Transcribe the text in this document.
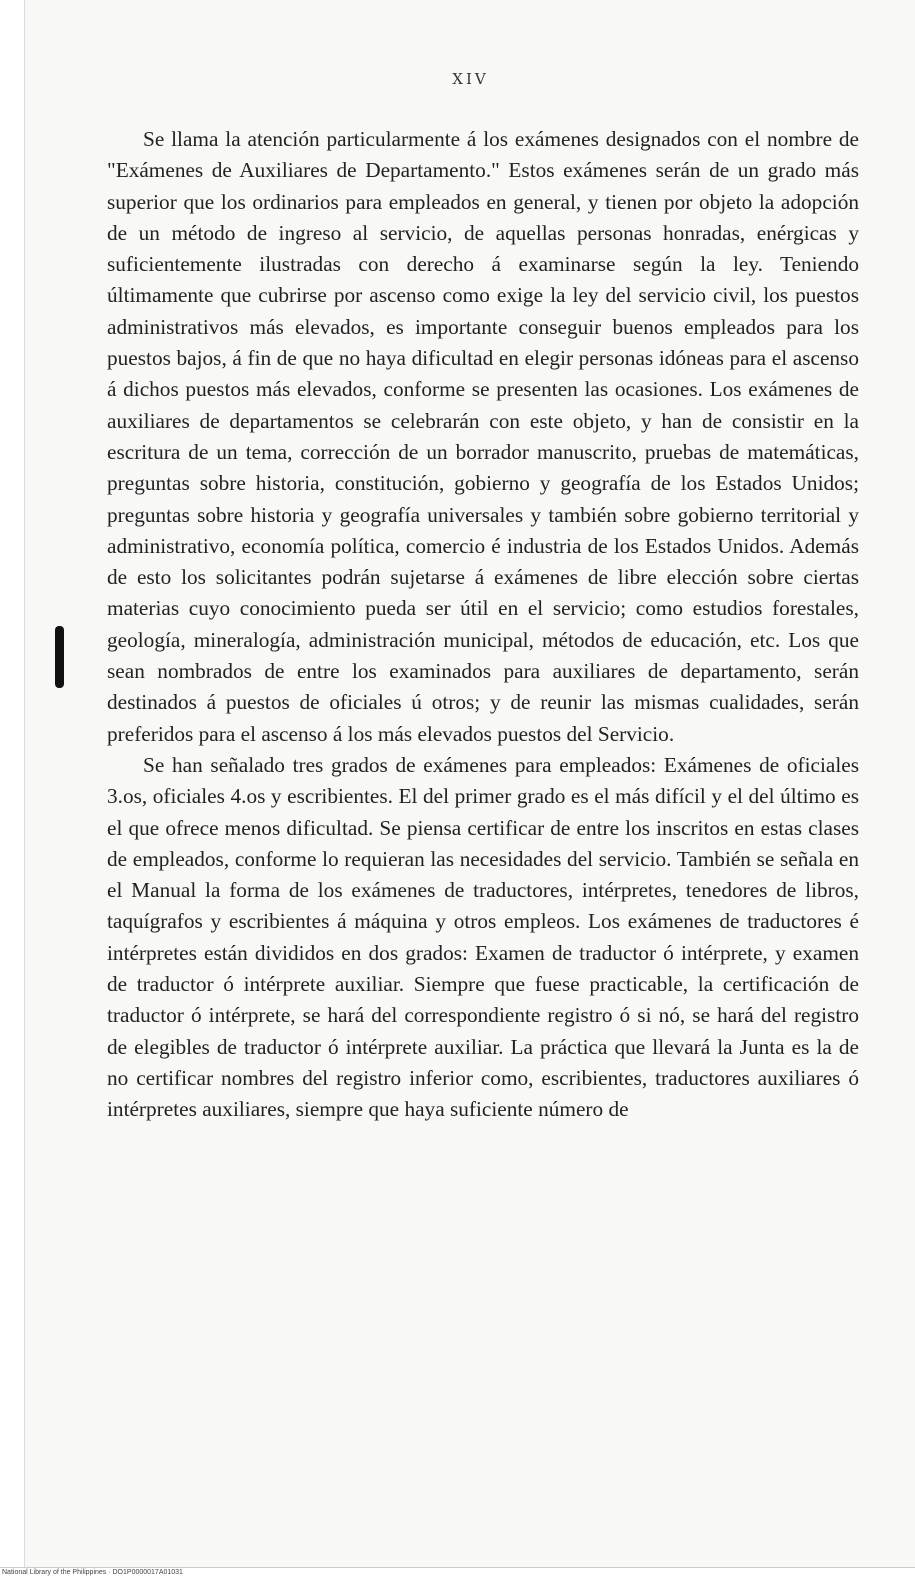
XIV

Se llama la atención particularmente á los exámenes designados con el nombre de "Exámenes de Auxiliares de Departamento." Estos exámenes serán de un grado más superior que los ordinarios para empleados en general, y tienen por objeto la adopción de un método de ingreso al servicio, de aquellas personas honradas, enérgicas y suficientemente ilustradas con derecho á examinarse según la ley. Teniendo últimamente que cubrirse por ascenso como exige la ley del servicio civil, los puestos administrativos más elevados, es importante conseguir buenos empleados para los puestos bajos, á fin de que no haya dificultad en elegir personas idóneas para el ascenso á dichos puestos más elevados, conforme se presenten las ocasiones. Los exámenes de auxiliares de departamentos se celebrarán con este objeto, y han de consistir en la escritura de un tema, corrección de un borrador manuscrito, pruebas de matemáticas, preguntas sobre historia, constitución, gobierno y geografía de los Estados Unidos; preguntas sobre historia y geografía universales y también sobre gobierno territorial y administrativo, economía política, comercio é industria de los Estados Unidos. Además de esto los solicitantes podrán sujetarse á exámenes de libre elección sobre ciertas materias cuyo conocimiento pueda ser útil en el servicio; como estudios forestales, geología, mineralogía, administración municipal, métodos de educación, etc. Los que sean nombrados de entre los examinados para auxiliares de departamento, serán destinados á puestos de oficiales ú otros; y de reunir las mismas cualidades, serán preferidos para el ascenso á los más elevados puestos del Servicio.

Se han señalado tres grados de exámenes para empleados: Exámenes de oficiales 3.os, oficiales 4.os y escribientes. El del primer grado es el más difícil y el del último es el que ofrece menos dificultad. Se piensa certificar de entre los inscritos en estas clases de empleados, conforme lo requieran las necesidades del servicio. También se señala en el Manual la forma de los exámenes de traductores, intérpretes, tenedores de libros, taquígrafos y escribientes á máquina y otros empleos. Los exámenes de traductores é intérpretes están divididos en dos grados: Examen de traductor ó intérprete, y examen de traductor ó intérprete auxiliar. Siempre que fuese practicable, la certificación de traductor ó intérprete, se hará del correspondiente registro ó si nó, se hará del registro de elegibles de traductor ó intérprete auxiliar. La práctica que llevará la Junta es la de no certificar nombres del registro inferior como, escribientes, traductores auxiliares ó intérpretes auxiliares, siempre que haya suficiente número de

National Library of the Philippines · DO1P0000017A01031
